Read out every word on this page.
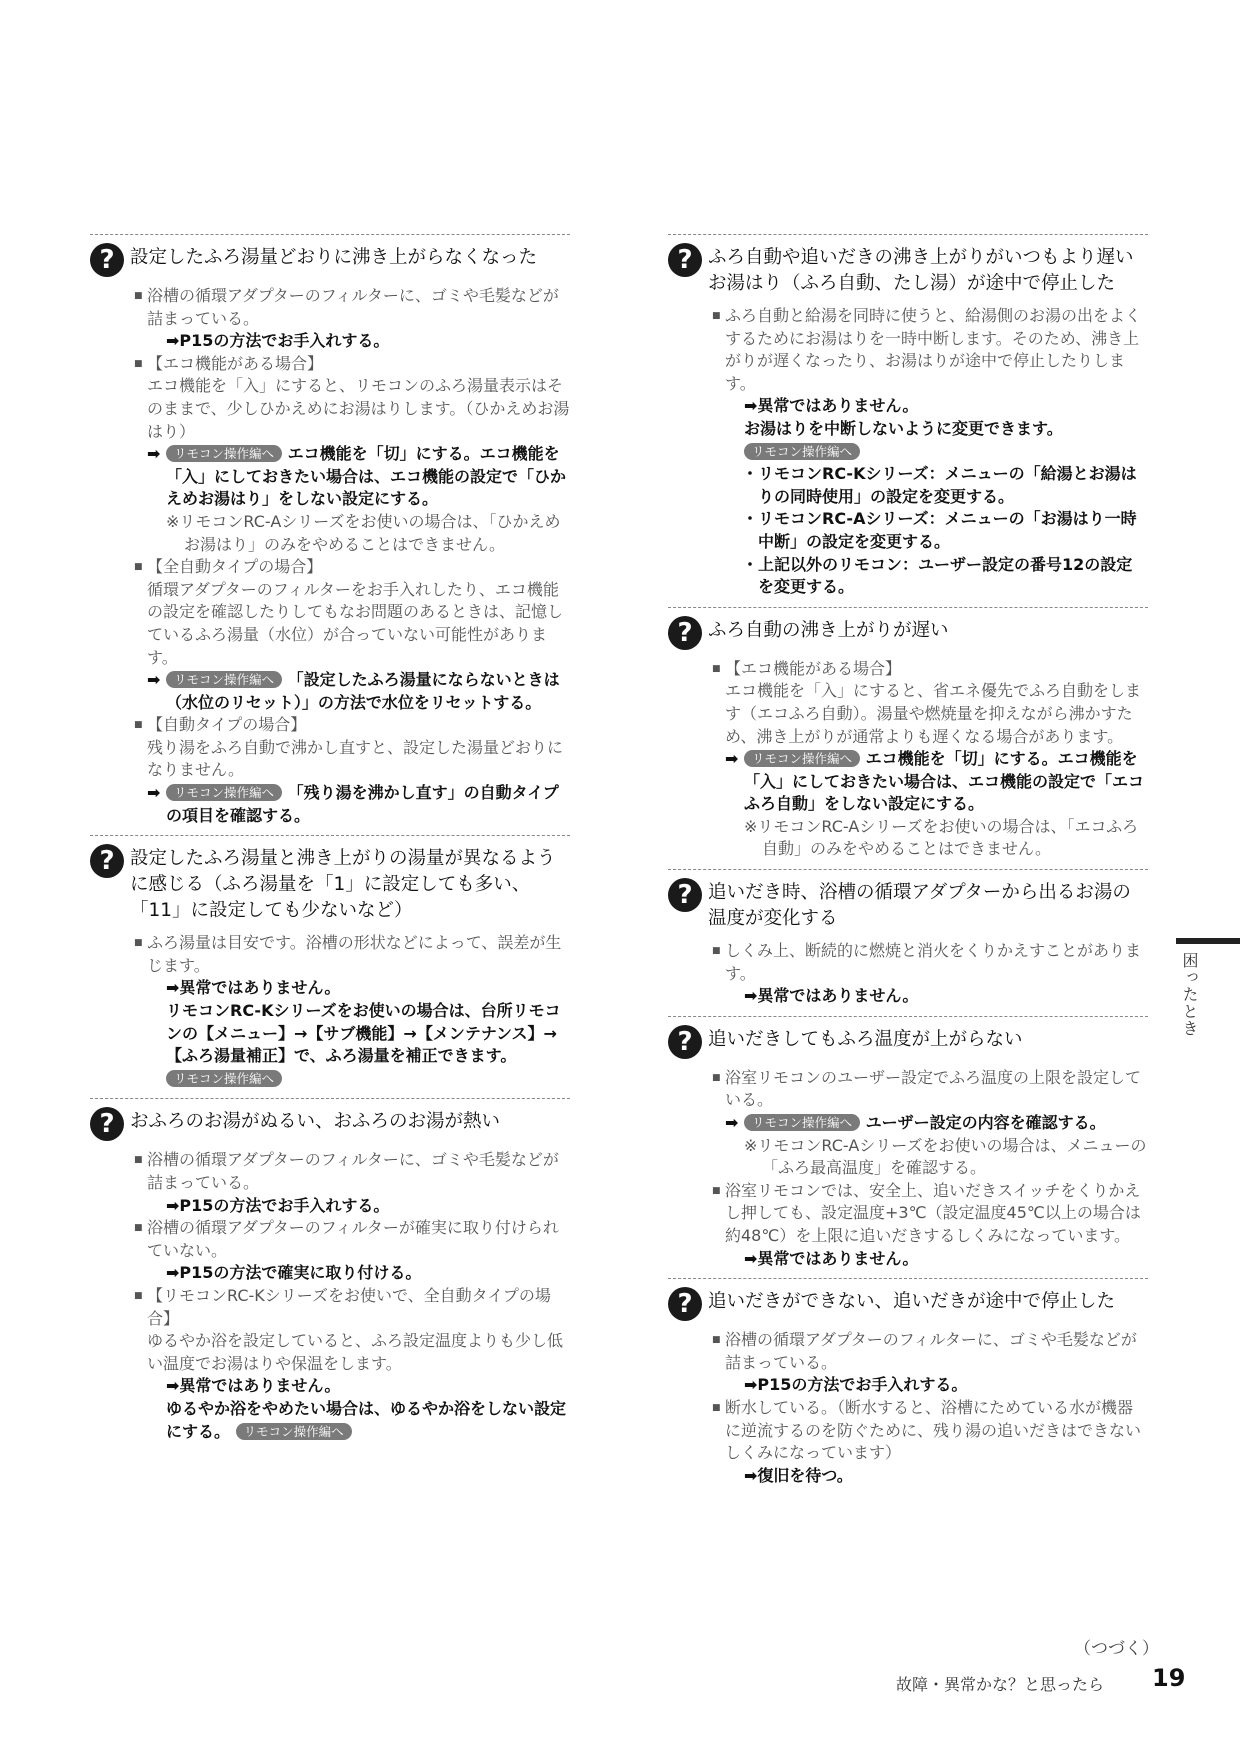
? 設定したふろ湯量どおりに沸き上がらなくなった
■ 浴槽の循環アダプターのフィルターに、ゴミや毛髪などが詰まっている。
➡P15の方法でお手入れする。
■ 【エコ機能がある場合】
エコ機能を「入」にすると、リモコンのふろ湯量表示はそのままで、少しひかえめにお湯はりします。（ひかえめお湯はり）
➡ リモコン操作編へ エコ機能を「切」にする。エコ機能を「入」にしておきたい場合は、エコ機能の設定で「ひかえめお湯はり」をしない設定にする。
※リモコンRC-Aシリーズをお使いの場合は、「ひかえめお湯はり」のみをやめることはできません。
■ 【全自動タイプの場合】
循環アダプターのフィルターをお手入れしたり、エコ機能の設定を確認したりしてもなお問題のあるときは、記憶しているふろ湯量（水位）が合っていない可能性があります。
➡ リモコン操作編へ 「設定したふろ湯量にならないときは（水位のリセット）」の方法で水位をリセットする。
■ 【自動タイプの場合】
残り湯をふろ自動で沸かし直すと、設定した湯量どおりになりません。
➡ リモコン操作編へ 「残り湯を沸かし直す」の自動タイプの項目を確認する。
? 設定したふろ湯量と沸き上がりの湯量が異なるように感じる（ふろ湯量を「1」に設定しても多い、「11」に設定しても少ないなど）
■ ふろ湯量は目安です。浴槽の形状などによって、誤差が生じます。
➡異常ではありません。
リモコンRC-Kシリーズをお使いの場合は、台所リモコンの【メニュー】→【サブ機能】→【メンテナンス】→【ふろ湯量補正】で、ふろ湯量を補正できます。
リモコン操作編へ
? おふろのお湯がぬるい、おふろのお湯が熱い
■ 浴槽の循環アダプターのフィルターに、ゴミや毛髪などが詰まっている。
➡P15の方法でお手入れする。
■ 浴槽の循環アダプターのフィルターが確実に取り付けられていない。
➡P15の方法で確実に取り付ける。
■ 【リモコンRC-Kシリーズをお使いで、全自動タイプの場合】
ゆるやか浴を設定していると、ふろ設定温度よりも少し低い温度でお湯はりや保温をします。
➡異常ではありません。
ゆるやか浴をやめたい場合は、ゆるやか浴をしない設定にする。 リモコン操作編へ
? ふろ自動や追いだきの沸き上がりがいつもより遅いお湯はり（ふろ自動、たし湯）が途中で停止した
■ ふろ自動と給湯を同時に使うと、給湯側のお湯の出をよくするためにお湯はりを一時中断します。そのため、沸き上がりが遅くなったり、お湯はりが途中で停止したりします。
➡異常ではありません。
お湯はりを中断しないように変更できます。
リモコン操作編へ
・ リモコンRC-Kシリーズ：メニューの「給湯とお湯はりの同時使用」の設定を変更する。
・ リモコンRC-Aシリーズ：メニューの「お湯はり一時中断」の設定を変更する。
・ 上記以外のリモコン：ユーザー設定の番号12の設定を変更する。
? ふろ自動の沸き上がりが遅い
■ 【エコ機能がある場合】
エコ機能を「入」にすると、省エネ優先でふろ自動をします（エコふろ自動）。湯量や燃焼量を抑えながら沸かすため、沸き上がりが通常よりも遅くなる場合があります。
➡ リモコン操作編へ エコ機能を「切」にする。エコ機能を「入」にしておきたい場合は、エコ機能の設定で「エコふろ自動」をしない設定にする。
※リモコンRC-Aシリーズをお使いの場合は、「エコふろ自動」のみをやめることはできません。
? 追いだき時、浴槽の循環アダプターから出るお湯の温度が変化する
■ しくみ上、断続的に燃焼と消火をくりかえすことがあります。
➡異常ではありません。
? 追いだきしてもふろ温度が上がらない
■ 浴室リモコンのユーザー設定でふろ温度の上限を設定している。
➡ リモコン操作編へ ユーザー設定の内容を確認する。
※リモコンRC-Aシリーズをお使いの場合は、メニューの「ふろ最高温度」を確認する。
■ 浴室リモコンでは、安全上、追いだきスイッチをくりかえし押しても、設定温度+3℃（設定温度45℃以上の場合は約48℃）を上限に追いだきするしくみになっています。
➡異常ではありません。
? 追いだきができない、追いだきが途中で停止した
■ 浴槽の循環アダプターのフィルターに、ゴミや毛髪などが詰まっている。
➡P15の方法でお手入れする。
■ 断水している。（断水すると、浴槽にためている水が機器に逆流するのを防ぐために、残り湯の追いだきはできないしくみになっています）
➡復旧を待つ。
困ったとき
（つづく）
故障・異常かな？と思ったら 19
